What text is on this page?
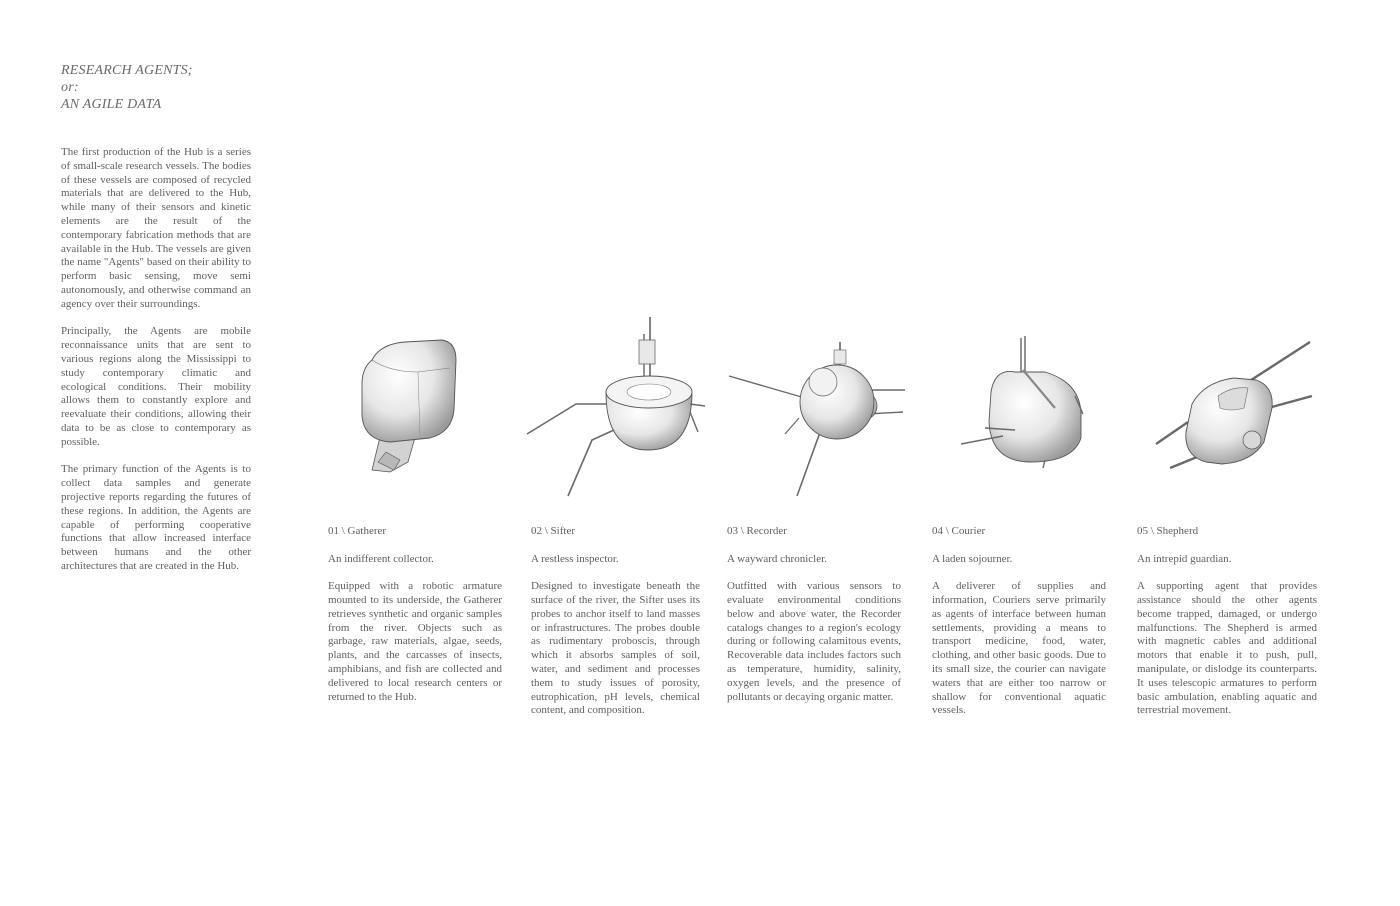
RESEARCH AGENTS;
or:
AN AGILE DATA

The first production of the Hub is a series of small-scale research vessels. The bodies of these vessels are composed of recycled materials that are delivered to the Hub, while many of their sensors and kinetic elements are the result of the contemporary fabrication methods that are available in the Hub. The vessels are given the name "Agents" based on their ability to perform basic sensing, move semi autonomously, and otherwise command an agency over their surroundings.

Principally, the Agents are mobile reconnaissance units that are sent to various regions along the Mississippi to study contemporary climatic and ecological conditions. Their mobility allows them to constantly explore and reevaluate their conditions, allowing their data to be as close to contemporary as possible.

The primary function of the Agents is to collect data samples and generate projective reports regarding the futures of these regions. In addition, the Agents are capable of performing cooperative functions that allow increased interface between humans and the other architectures that are created in the Hub.

01 \ Gatherer
An indifferent collector.

Equipped with a robotic armature mounted to its underside, the Gatherer retrieves synthetic and organic samples from the river. Objects such as garbage, raw materials, algae, seeds, plants, and the carcasses of insects, amphibians, and fish are collected and delivered to local research centers or returned to the Hub.

02 \ Sifter
A restless inspector.

Designed to investigate beneath the surface of the river, the Sifter uses its probes to anchor itself to land masses or infrastructures. The probes double as rudimentary proboscis, through which it absorbs samples of soil, water, and sediment and processes them to study issues of porosity, eutrophication, pH levels, chemical content, and composition.

03 \ Recorder
A wayward chronicler.

Outfitted with various sensors to evaluate environmental conditions below and above water, the Recorder catalogs changes to a region's ecology during or following calamitous events, Recoverable data includes factors such as temperature, humidity, salinity, oxygen levels, and the presence of pollutants or decaying organic matter.

04 \ Courier
A laden sojourner.

A deliverer of supplies and information, Couriers serve primarily as agents of interface between human settlements, providing a means to transport medicine, food, water, clothing, and other basic goods. Due to its small size, the courier can navigate waters that are either too narrow or shallow for conventional aquatic vessels.

05 \ Shepherd
An intrepid guardian.

A supporting agent that provides assistance should the other agents become trapped, damaged, or undergo malfunctions. The Shepherd is armed with magnetic cables and additional motors that enable it to push, pull, manipulate, or dislodge its counterparts. It uses telescopic armatures to perform basic ambulation, enabling aquatic and terrestrial movement.
